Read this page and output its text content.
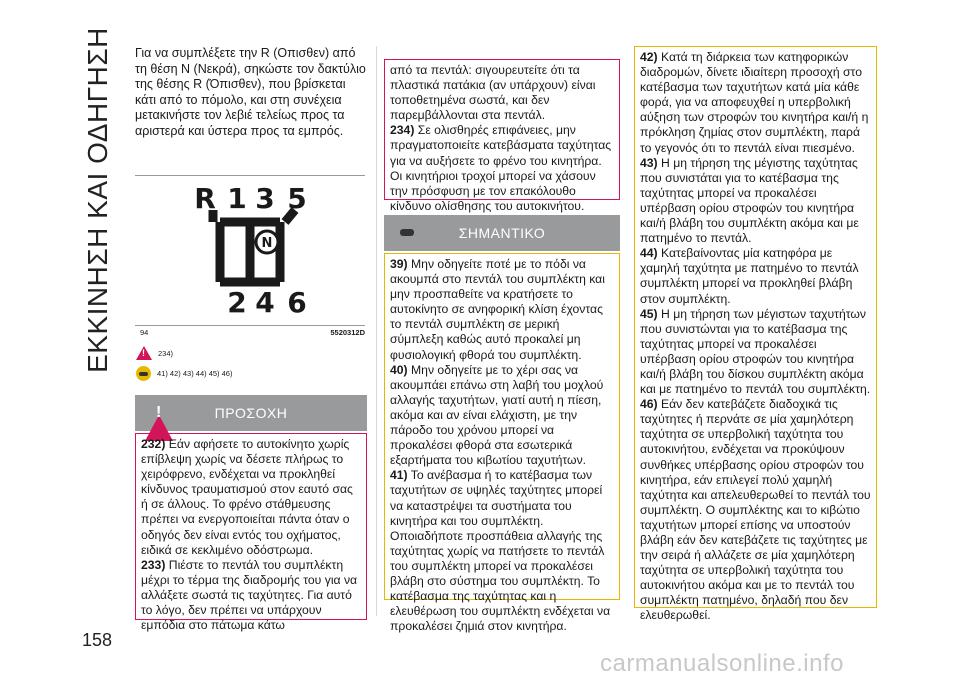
ΕΚΚΙΝΗΣΗ ΚΑΙ ΟΔΗΓΗΣΗ Για να συμπλέξετε την R (Οπισθεν) από τη θέση Ν (Νεκρά), σηκώστε τον δακτύλιο της θέσης R (Όπισθεν), που βρίσκεται κάτι από το πόμολο, και στη συνέχεια μετακινήστε τον λεβιέ τελείως προς τα αριστερά και ύστερα προς τα εμπρός.

R 1 3 5
2 4 6
N
94	5520312D
!
234)
41) 42) 43) 44) 45) 46)
!
ΠΡΟΣΟΧΗ

232) Εάν αφήσετε το αυτοκίνητο χωρίς επίβλεψη χωρίς να δέσετε πλήρως το χειρόφρενο, ενδέχεται να προκληθεί κίνδυνος τραυματισμού στον εαυτό σας ή σε άλλους. Το φρένο στάθμευσης πρέπει να ενεργοποιείται πάντα όταν ο οδηγός δεν είναι εντός του οχήματος, ειδικά σε κεκλιμένο οδόστρωμα.

233) Πιέστε το πεντάλ του συμπλέκτη μέχρι το τέρμα της διαδρομής του για να αλλάξετε σωστά τις ταχύτητες. Για αυτό το λόγο, δεν πρέπει να υπάρχουν εμπόδια στο πάτωμα κάτω

από τα πεντάλ: σιγουρευτείτε ότι τα πλαστικά πατάκια (αν υπάρχουν) είναι τοποθετημένα σωστά, και δεν παρεμβάλλονται στα πεντάλ.

234) Σε ολισθηρές επιφάνειες, μην πραγματοποιείτε κατεβάσματα ταχύτητας για να αυξήσετε το φρένο του κινητήρα. Οι κινητήριοι τροχοί μπορεί να χάσουν την πρόσφυση με τον επακόλουθο κίνδυνο ολίσθησης του αυτοκινήτου.

ΣΗΜΑΝΤΙΚΟ

39) Μην οδηγείτε ποτέ με το πόδι να ακουμπά στο πεντάλ του συμπλέκτη και μην προσπαθείτε να κρατήσετε το αυτοκίνητο σε ανηφορική κλίση έχοντας το πεντάλ συμπλέκτη σε μερική σύμπλεξη καθώς αυτό προκαλεί μη φυσιολογική φθορά του συμπλέκτη.

40) Μην οδηγείτε με το χέρι σας να ακουμπάει επάνω στη λαβή του μοχλού αλλαγής ταχυτήτων, γιατί αυτή η πίεση, ακόμα και αν είναι ελάχιστη, με την πάροδο του χρόνου μπορεί να προκαλέσει φθορά στα εσωτερικά εξαρτήματα του κιβωτίου ταχυτήτων.

41) Το ανέβασμα ή το κατέβασμα των ταχυτήτων σε υψηλές ταχύτητες μπορεί να καταστρέψει τα συστήματα του κινητήρα και του συμπλέκτη. Οποιαδήποτε προσπάθεια αλλαγής της ταχύτητας χωρίς να πατήσετε το πεντάλ του συμπλέκτη μπορεί να προκαλέσει βλάβη στο σύστημα του συμπλέκτη. Το κατέβασμα της ταχύτητας και η ελευθέρωση του συμπλέκτη ενδέχεται να προκαλέσει ζημιά στον κινητήρα.

42) Κατά τη διάρκεια των κατηφορικών διαδρομών, δίνετε ιδιαίτερη προσοχή στο κατέβασμα των ταχυτήτων κατά μία κάθε φορά, για να αποφευχθεί η υπερβολική αύξηση των στροφών του κινητήρα και/ή η πρόκληση ζημίας στον συμπλέκτη, παρά το γεγονός ότι το πεντάλ είναι πιεσμένο.

43) Η μη τήρηση της μέγιστης ταχύτητας που συνιστάται για το κατέβασμα της ταχύτητας μπορεί να προκαλέσει υπέρβαση ορίου στροφών του κινητήρα και/ή βλάβη του συμπλέκτη ακόμα και με πατημένο το πεντάλ.

44) Κατεβαίνοντας μία κατηφόρα με χαμηλή ταχύτητα με πατημένο το πεντάλ συμπλέκτη μπορεί να προκληθεί βλάβη στον συμπλέκτη.

45) Η μη τήρηση των μέγιστων ταχυτήτων που συνιστώνται για το κατέβασμα της ταχύτητας μπορεί να προκαλέσει υπέρβαση ορίου στροφών του κινητήρα και/ή βλάβη του δίσκου συμπλέκτη ακόμα και με πατημένο το πεντάλ του συμπλέκτη.

46) Εάν δεν κατεβάζετε διαδοχικά τις ταχύτητες ή περνάτε σε μία χαμηλότερη ταχύτητα σε υπερβολική ταχύτητα του αυτοκινήτου, ενδέχεται να προκύψουν συνθήκες υπέρβασης ορίου στροφών του κινητήρα, εάν επιλεγεί πολύ χαμηλή ταχύτητα και απελευθερωθεί το πεντάλ του συμπλέκτη. Ο συμπλέκτης και το κιβώτιο ταχυτήτων μπορεί επίσης να υποστούν βλάβη εάν δεν κατεβάζετε τις ταχύτητες με την σειρά ή αλλάζετε σε μία χαμηλότερη ταχύτητα σε υπερβολική ταχύτητα του αυτοκινήτου ακόμα και με το πεντάλ του συμπλέκτη πατημένο, δηλαδή που δεν ελευθερωθεί.

158
carmanualsonline.info
